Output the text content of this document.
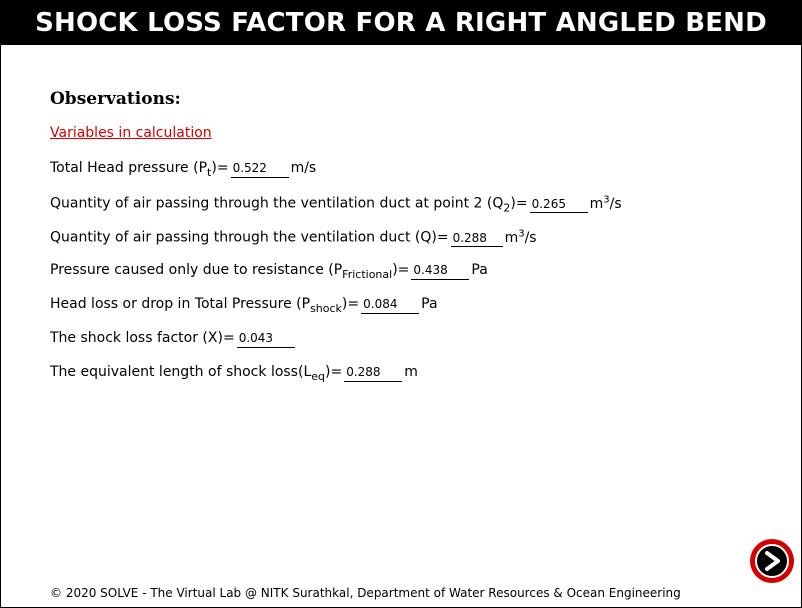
SHOCK LOSS FACTOR FOR A RIGHT ANGLED BEND
Observations:
Variables in calculation
Total Head pressure $(P_t)=0.522$	m/s
Quantity of air passing through the ventilation duct at point 2 $(Q_2)=0.265$	$m^3/s$
Quantity of air passing through the ventilation duct (Q)=0.288	$m^3/s$
Pressure caused only due to resistance $(P_{Frictional})=0.438$	Pa
Head loss or drop in Total Pressure $(P_{shock})=0.084$	Pa
The shock loss factor (X)=0.043
The equivalent length of shock $loss(L_{eq})=0.288$	m
© 2020 SOLVE - The Virtual Lab @ NITK Surathkal, Department of Water Resources & Ocean Engineering
